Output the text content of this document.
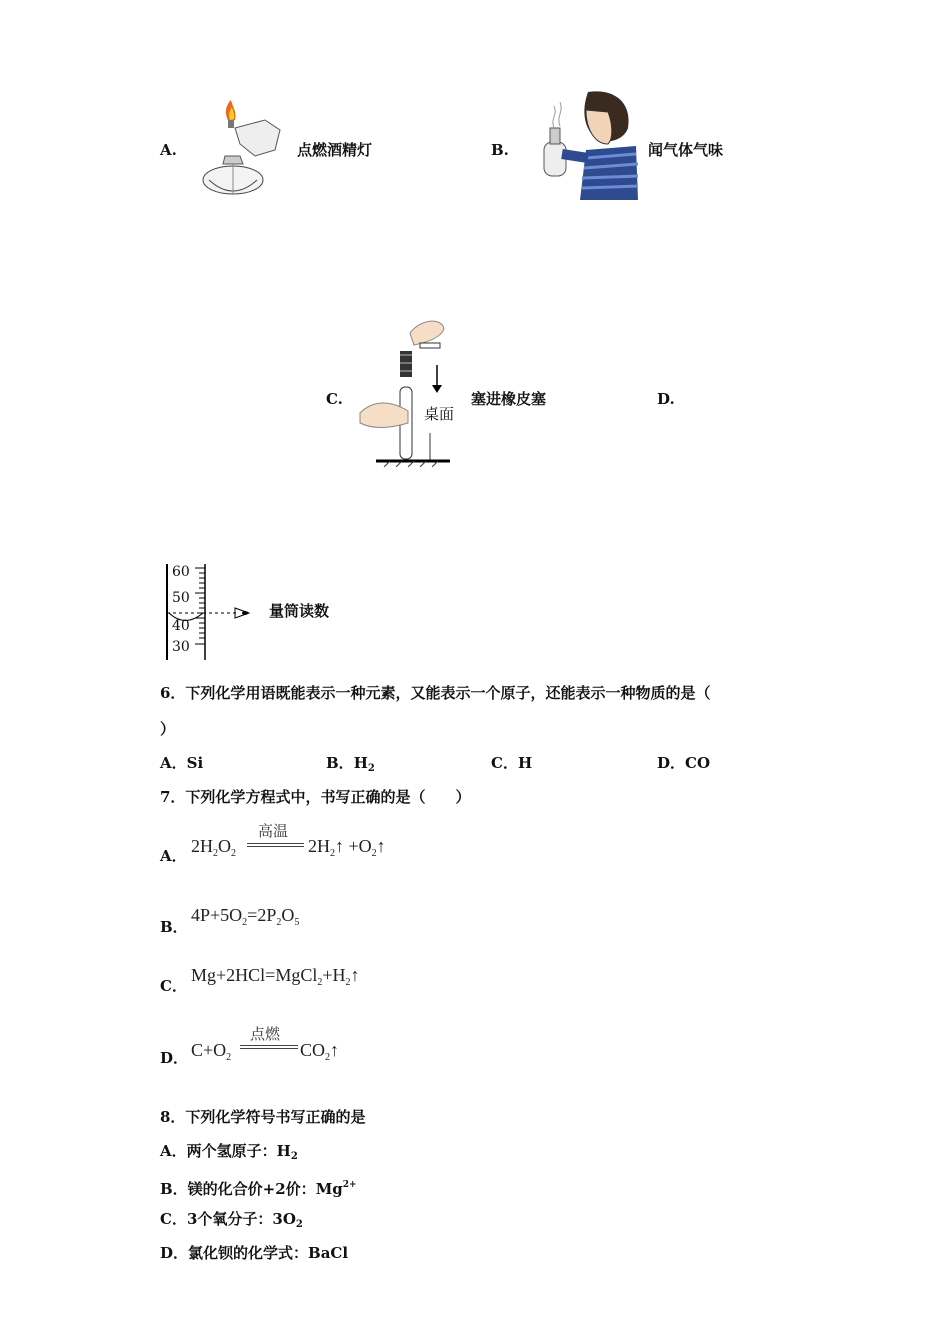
A.	点燃酒精灯	B.	闻气体气味
C.
桌面
塞进橡皮塞	D.
60
50
40
30
量筒读数
6．下列化学用语既能表示一种元素，又能表示一个原子，还能表示一种物质的是（
）
A．Si	B．$H_2$	C．H	D．CO
7．下列化学方程式中，书写正确的是（　　）
A． $2H_2O_2$
高温
$2H_2↑$ $+O_2↑$
B．
$4P+5O_2=2P_2O_5$
C．
$Mg+2HCl=MgCl_2+H_2↑$
D． $C+O_2$
点燃
$CO_2↑$
8．下列化学符号书写正确的是
A．两个氢原子：$H_2$
B．镁的化合价+2价：$Mg^{2+}$
C．3个氧分子：$3O_2$
D．氯化钡的化学式：BaCl
